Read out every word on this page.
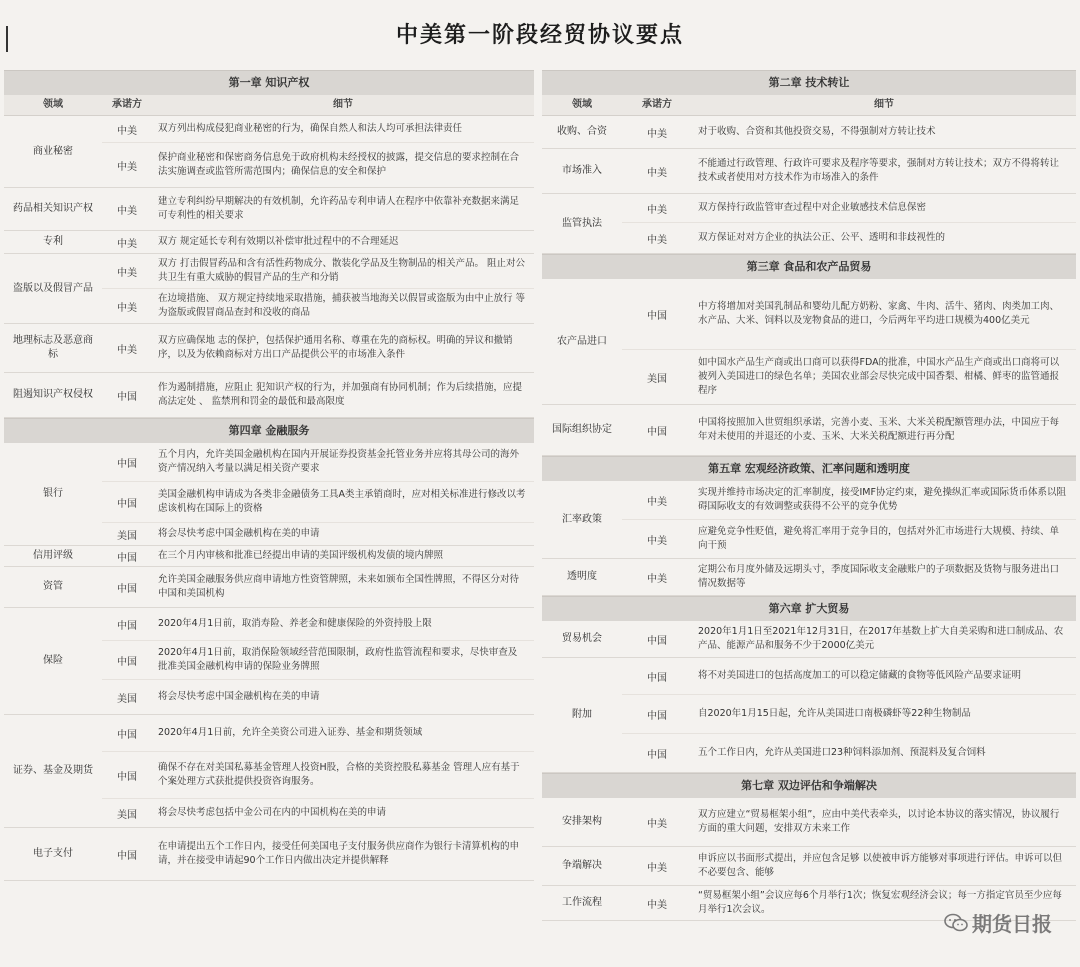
中美第一阶段经贸协议要点
第一章 知识产权
领域	承诺方	细节
商业秘密
中美	双方列出构成侵犯商业秘密的行为，确保自然人和法人均可承担法律责任
中美
保护商业秘密和保密商务信息免于政府机构未经授权的披露，提交信息的要求控制在合法实施调查或监管所需范围内；确保信息的安全和保护
药品相关知识产权	中美
建立专利纠纷早期解决的有效机制，允许药品专利申请人在程序中依靠补充数据来满足可专利性的相关要求
专利	中美	双方 规定延长专利有效期以补偿审批过程中的不合理延迟
盗版以及假冒产品
中美
双方 打击假冒药品和含有活性药物成分、散装化学品及生物制品的相关产品。 阻止对公共卫生有重大威胁的假冒产品的生产和分销
中美
在边境措施、 双方规定持续地采取措施，捕获被当地海关以假冒或盗版为由中止放行 等为盗版或假冒商品查封和没收的商品
地理标志及恶意商标	中美
双方应确保地 志的保护，包括保护通用名称、尊重在先的商标权。明确的异议和撤销 序，以及为依赖商标对方出口产品提供公平的市场准入条件
阻遏知识产权侵权	中国
作为遏制措施，应阻止 犯知识产权的行为，并加强商有协同机制；作为后续措施，应提高法定处 、 监禁刑和罚金的最低和最高限度
第四章 金融服务
银行
中国
五个月内，允许美国金融机构在国内开展证券投资基金托管业务并应将其母公司的海外资产情况纳入考量以满足相关资产要求
中国
美国金融机构申请成为各类非金融债务工具A类主承销商时，应对相关标准进行修改以考虑该机构在国际上的资格
美国	将会尽快考虑中国金融机构在美的申请
信用评级	中国	在三个月内审核和批准已经提出申请的美国评级机构发债的境内牌照
资管	中国
允许美国金融服务供应商申请地方性资管牌照，未来如颁布全国性牌照，不得区分对待中国和美国机构
保险
中国	2020年4月1日前，取消寿险、养老金和健康保险的外资持股上限
中国
2020年4月1日前，取消保险领域经营范围限制，政府性监管流程和要求，尽快审查及批准美国金融机构申请的保险业务牌照
美国	将会尽快考虑中国金融机构在美的申请
证券、基金及期货
中国	2020年4月1日前，允许全美资公司进入证券、基金和期货领域
中国
确保不存在对美国私募基金管理人投资H股，合格的美资控股私募基金 管理人应有基于个案处理方式获批提供投资咨询服务。
美国	将会尽快考虑包括中金公司在内的中国机构在美的申请
电子支付	中国
在申请提出五个工作日内，接受任何美国电子支付服务供应商作为银行卡清算机构的申请，并在接受申请起90个工作日内做出决定并提供解释
第二章 技术转让
领域	承诺方	细节
收购、合资	中美	对于收购、合资和其他投资交易，不得强制对方转让技术
市场准入	中美
不能通过行政管理、行政许可要求及程序等要求，强制对方转让技术；双方不得将转让技术或者使用对方技术作为市场准入的条件
监管执法
中美	双方保持行政监管审查过程中对企业敏感技术信息保密
中美	双方保证对对方企业的执法公正、公平、透明和非歧视性的
第三章 食品和农产品贸易
农产品进口
中国
中方将增加对美国乳制品和婴幼儿配方奶粉、家禽、牛肉、活牛、猪肉、肉类加工肉、水产品、大米、饲料以及宠物食品的进口，今后两年平均进口规模为400亿美元
美国
如中国水产品生产商或出口商可以获得FDA的批准，中国水产品生产商或出口商将可以被列入美国进口的绿色名单；美国农业部会尽快完成中国香梨、柑橘、鲜枣的监管通报程序
国际组织协定	中国
中国将按照加入世贸组织承诺，完善小麦、玉米、大米关税配额管理办法，中国应于每年对未使用的并退还的小麦、玉米、大米关税配额进行再分配
第五章 宏观经济政策、汇率问题和透明度
汇率政策
中美
实现并维持市场决定的汇率制度，接受IMF协定约束，避免操纵汇率或国际货币体系以阻碍国际收支的有效调整或获得不公平的竞争优势
中美
应避免竞争性贬值，避免将汇率用于竞争目的，包括对外汇市场进行大规模、持续、单向干预
透明度	中美
定期公布月度外储及远期头寸，季度国际收支金融账户的子项数据及货物与服务进出口情况数据等
第六章 扩大贸易
贸易机会	中国
2020年1月1日至2021年12月31日，在2017年基数上扩大自美采购和进口制成品、农产品、能源产品和服务不少于2000亿美元
附加
中国	将不对美国进口的包括高度加工的可以稳定储藏的食物等低风险产品要求证明
中国	自2020年1月15日起，允许从美国进口南极磷虾等22种生物制品
中国	五个工作日内，允许从美国进口23种饲料添加剂、预混料及复合饲料
第七章 双边评估和争端解决
安排架构	中美
双方应建立“贸易框架小组”，应由中美代表牵头，以讨论本协议的落实情况，协议履行方面的重大问题，安排双方未来工作
争端解决	中美
申诉应以书面形式提出，并应包含足够 以使被申诉方能够对事项进行评估。申诉可以但不必要包含、能够
工作流程	中美
“贸易框架小组”会议应每6个月举行1次；恢复宏观经济会议；每一方指定官员至少应每月举行1次会议。
期货日报
